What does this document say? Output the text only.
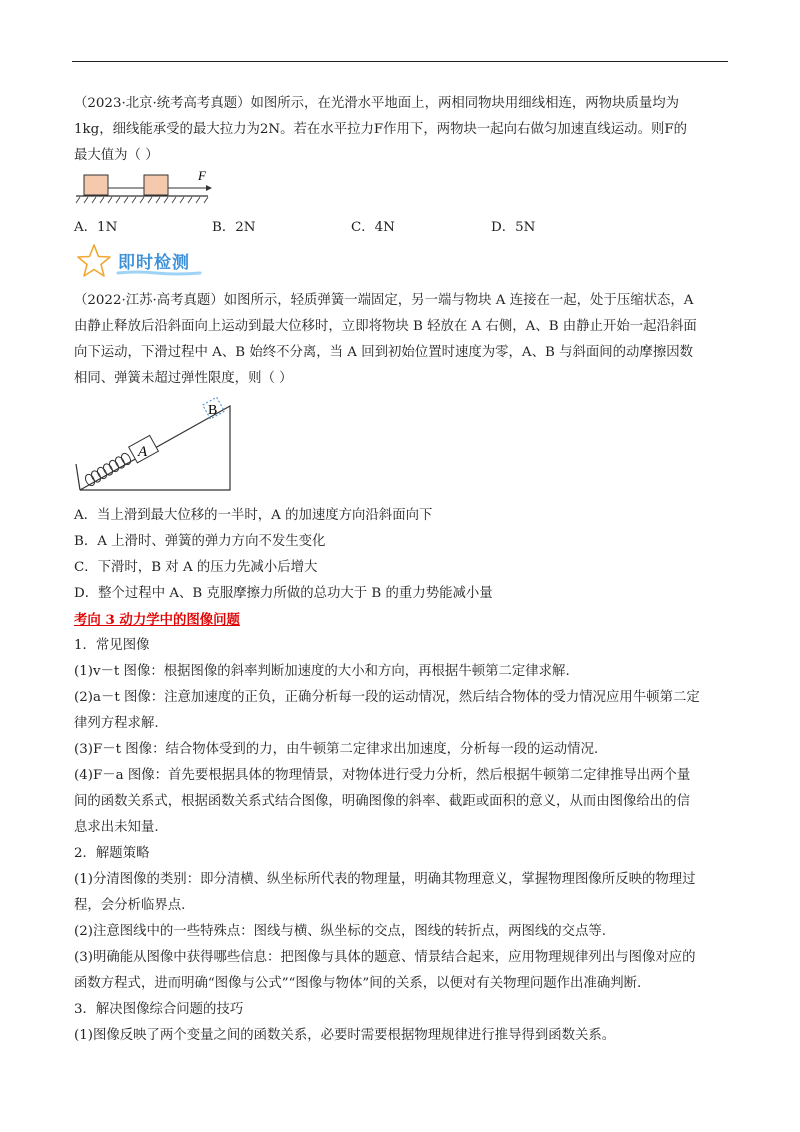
（2023·北京·统考高考真题）如图所示，在光滑水平地面上，两相同物块用细线相连，两物块质量均为
1kg，细线能承受的最大拉力为2N。若在水平拉力F作用下，两物块一起向右做匀加速直线运动。则F的
最大值为（ ）
F
A．1N	B．2N	C．4N	D．5N
即时检测
（2022·江苏·高考真题）如图所示，轻质弹簧一端固定，另一端与物块 A 连接在一起，处于压缩状态，A
由静止释放后沿斜面向上运动到最大位移时，立即将物块 B 轻放在 A 右侧，A、B 由静止开始一起沿斜面
向下运动，下滑过程中 A、B 始终不分离，当 A 回到初始位置时速度为零，A、B 与斜面间的动摩擦因数
相同、弹簧未超过弹性限度，则（ ）
A
B
A．当上滑到最大位移的一半时，A 的加速度方向沿斜面向下
B．A 上滑时、弹簧的弹力方向不发生变化
C．下滑时，B 对 A 的压力先减小后增大
D．整个过程中 A、B 克服摩擦力所做的总功大于 B 的重力势能减小量
考向 3 动力学中的图像问题
1．常见图像
(1)v－t 图像：根据图像的斜率判断加速度的大小和方向，再根据牛顿第二定律求解.
(2)a－t 图像：注意加速度的正负，正确分析每一段的运动情况，然后结合物体的受力情况应用牛顿第二定
律列方程求解.
(3)F－t 图像：结合物体受到的力，由牛顿第二定律求出加速度，分析每一段的运动情况.
(4)F－a 图像：首先要根据具体的物理情景，对物体进行受力分析，然后根据牛顿第二定律推导出两个量
间的函数关系式，根据函数关系式结合图像，明确图像的斜率、截距或面积的意义，从而由图像给出的信
息求出未知量.
2．解题策略
(1)分清图像的类别：即分清横、纵坐标所代表的物理量，明确其物理意义，掌握物理图像所反映的物理过
程，会分析临界点.
(2)注意图线中的一些特殊点：图线与横、纵坐标的交点，图线的转折点，两图线的交点等.
(3)明确能从图像中获得哪些信息：把图像与具体的题意、情景结合起来，应用物理规律列出与图像对应的
函数方程式，进而明确“图像与公式”“图像与物体”间的关系，以便对有关物理问题作出准确判断.
3．解决图像综合问题的技巧
(1)图像反映了两个变量之间的函数关系，必要时需要根据物理规律进行推导得到函数关系。
